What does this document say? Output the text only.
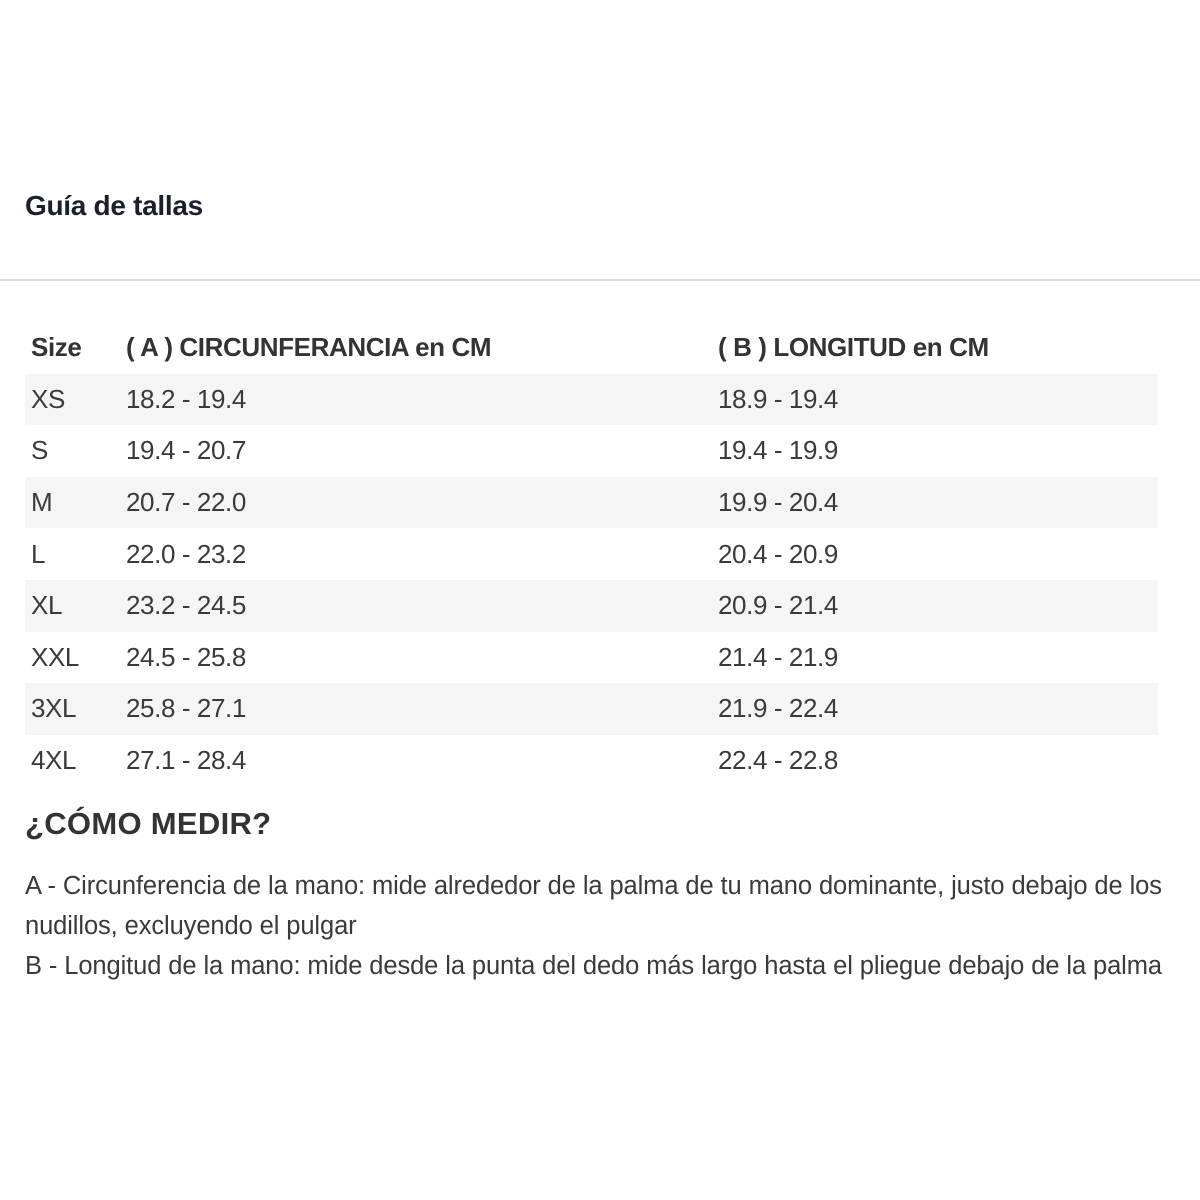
Guía de tallas
Size	( A ) CIRCUNFERANCIA en CM	( B ) LONGITUD en CM
XS	18.2 - 19.4	18.9 - 19.4
S	19.4 - 20.7	19.4 - 19.9
M	20.7 - 22.0	19.9 - 20.4
L	22.0 - 23.2	20.4 - 20.9
XL	23.2 - 24.5	20.9 - 21.4
XXL	24.5 - 25.8	21.4 - 21.9
3XL	25.8 - 27.1	21.9 - 22.4
4XL	27.1 - 28.4	22.4 - 22.8
¿CÓMO MEDIR?

A - Circunferencia de la mano: mide alrededor de la palma de tu mano dominante, justo debajo de los nudillos, excluyendo el pulgar

B - Longitud de la mano: mide desde la punta del dedo más largo hasta el pliegue debajo de la palma
